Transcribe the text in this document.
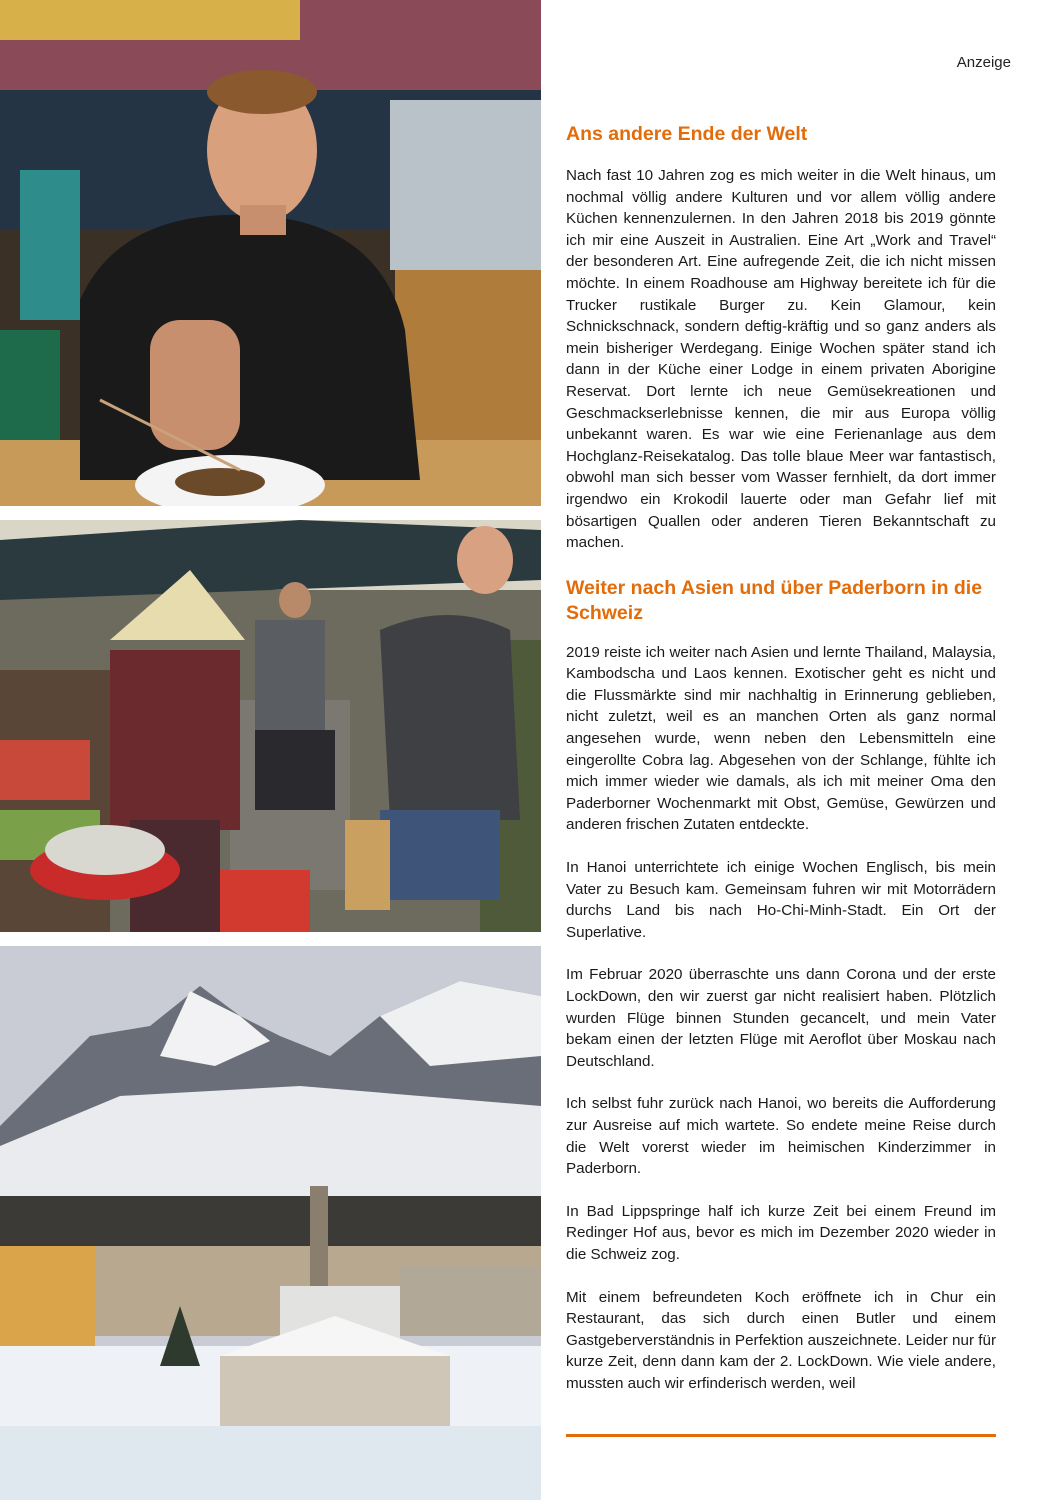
Anzeige
Ans andere Ende der Welt

Nach fast 10 Jahren zog es mich weiter in die Welt hinaus, um nochmal völlig andere Kulturen und vor allem völlig andere Küchen kennenzulernen. In den Jahren 2018 bis 2019 gönnte ich mir eine Auszeit in Australien. Eine Art „Work and Travel“ der besonderen Art. Eine aufregende Zeit, die ich nicht missen möchte. In einem Roadhouse am Highway bereitete ich für die Trucker rustikale Burger zu. Kein Glamour, kein Schnickschnack, sondern deftig-kräftig und so ganz anders als mein bisheriger Werdegang. Einige Wochen später stand ich dann in der Küche einer Lodge in einem privaten Aborigine Reservat. Dort lernte ich neue Gemüsekreationen und Geschmackserlebnisse kennen, die mir aus Europa völlig unbekannt waren. Es war wie eine Ferienanlage aus dem Hochglanz-Reisekatalog. Das tolle blaue Meer war fantastisch, obwohl man sich besser vom Wasser fernhielt, da dort immer irgendwo ein Krokodil lauerte oder man Gefahr lief mit bösartigen Quallen oder anderen Tieren Bekanntschaft zu machen.

Weiter nach Asien und über Paderborn in die Schweiz

2019 reiste ich weiter nach Asien und lernte Thailand, Malaysia, Kambodscha und Laos kennen. Exotischer geht es nicht und die Flussmärkte sind mir nachhaltig in Erinnerung geblieben, nicht zuletzt, weil es an manchen Orten als ganz normal angesehen wurde, wenn neben den Lebensmitteln eine eingerollte Cobra lag. Abgesehen von der Schlange, fühlte ich mich immer wieder wie damals, als ich mit meiner Oma den Paderborner Wochenmarkt mit Obst, Gemüse, Gewürzen und anderen frischen Zutaten entdeckte.

In Hanoi unterrichtete ich einige Wochen Englisch, bis mein Vater zu Besuch kam. Gemeinsam fuhren wir mit Motorrädern durchs Land bis nach Ho-Chi-Minh-Stadt. Ein Ort der Superlative.

Im Februar 2020 überraschte uns dann Corona und der erste LockDown, den wir zuerst gar nicht realisiert haben. Plötzlich wurden Flüge binnen Stunden gecancelt, und mein Vater bekam einen der letzten Flüge mit Aeroflot über Moskau nach Deutschland.

Ich selbst fuhr zurück nach Hanoi, wo bereits die Aufforderung zur Ausreise auf mich wartete. So endete meine Reise durch die Welt vorerst wieder im heimischen Kinderzimmer in Paderborn.

In Bad Lippspringe half ich kurze Zeit bei einem Freund im Redinger Hof aus, bevor es mich im Dezember 2020 wieder in die Schweiz zog.

Mit einem befreundeten Koch eröffnete ich in Chur ein Restaurant, das sich durch einen Butler und einem Gastgeberverständnis in Perfektion auszeichnete. Leider nur für kurze Zeit, denn dann kam der 2. LockDown. Wie viele andere, mussten auch wir erfinderisch werden, weil
